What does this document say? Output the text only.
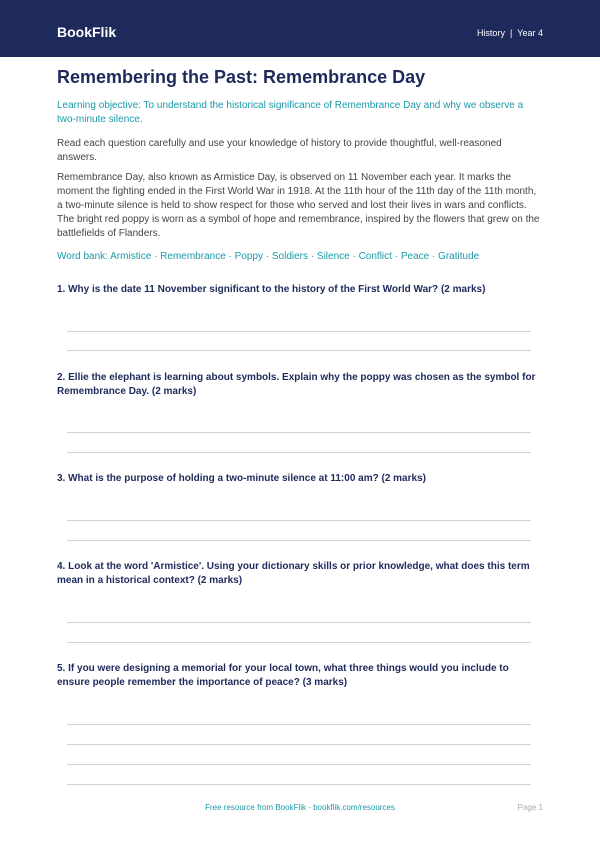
BookFlik	History | Year 4
Remembering the Past: Remembrance Day
Learning objective: To understand the historical significance of Remembrance Day and why we observe a two-minute silence.
Read each question carefully and use your knowledge of history to provide thoughtful, well-reasoned answers.
Remembrance Day, also known as Armistice Day, is observed on 11 November each year. It marks the moment the fighting ended in the First World War in 1918. At the 11th hour of the 11th day of the 11th month, a two-minute silence is held to show respect for those who served and lost their lives in wars and conflicts. The bright red poppy is worn as a symbol of hope and remembrance, inspired by the flowers that grew on the battlefields of Flanders.
Word bank: Armistice · Remembrance · Poppy · Soldiers · Silence · Conflict · Peace · Gratitude
1. Why is the date 11 November significant to the history of the First World War? (2 marks)
2. Ellie the elephant is learning about symbols. Explain why the poppy was chosen as the symbol for Remembrance Day. (2 marks)
3. What is the purpose of holding a two-minute silence at 11:00 am? (2 marks)
4. Look at the word 'Armistice'. Using your dictionary skills or prior knowledge, what does this term mean in a historical context? (2 marks)
5. If you were designing a memorial for your local town, what three things would you include to ensure people remember the importance of peace? (3 marks)
Free resource from BookFlik · bookflik.com/resources	Page 1
